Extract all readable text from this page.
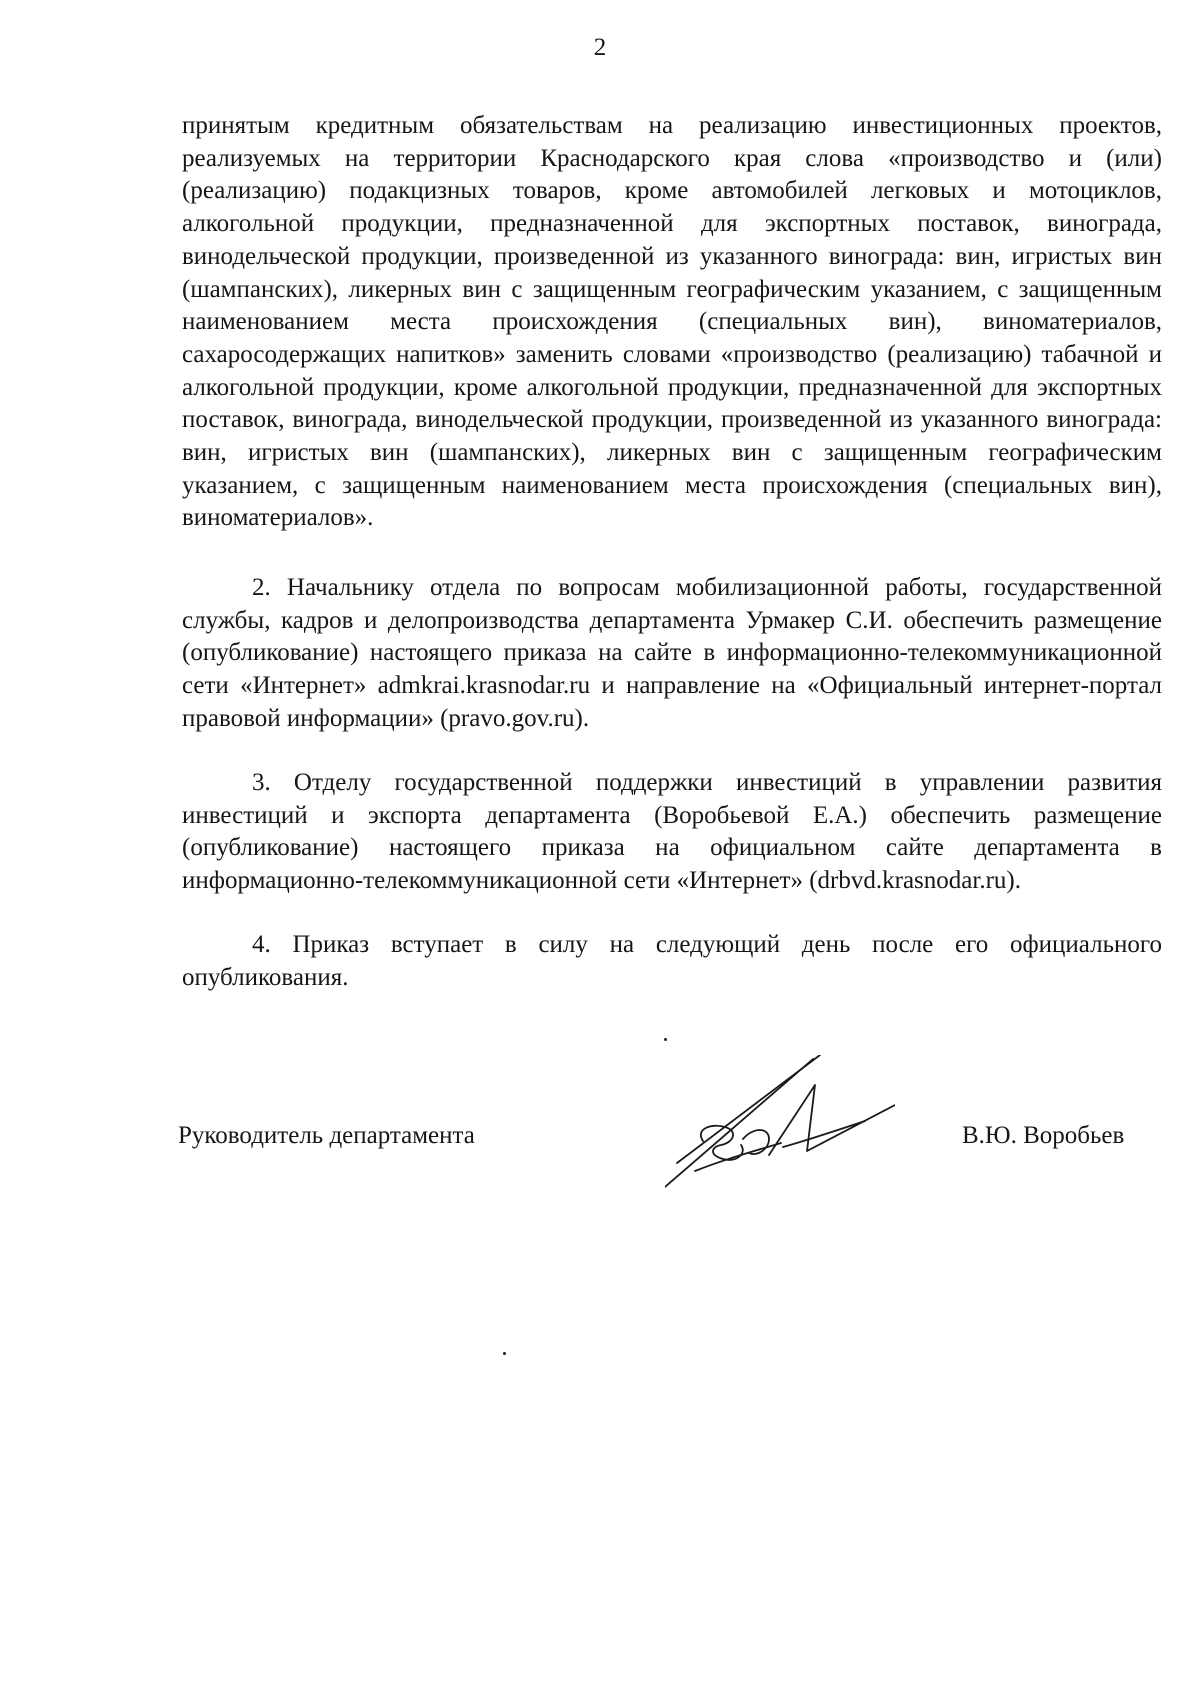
2

принятым кредитным обязательствам на реализацию инвестиционных проектов, реализуемых на территории Краснодарского края слова «производство и (или) (реализацию) подакцизных товаров, кроме автомобилей легковых и мотоциклов, алкогольной продукции, предназначенной для экспортных поставок, винограда, винодельческой продукции, произведенной из указанного винограда: вин, игристых вин (шампанских), ликерных вин с защищенным географическим указанием, с защищенным наименованием места происхождения (специальных вин), виноматериалов, сахаросодержащих напитков» заменить словами «производство (реализацию) табачной и алкогольной продукции, кроме алкогольной продукции, предназначенной для экспортных поставок, винограда, винодельческой продукции, произведенной из указанного винограда: вин, игристых вин (шампанских), ликерных вин с защищенным географическим указанием, с защищенным наименованием места происхождения (специальных вин), виноматериалов».

2. Начальнику отдела по вопросам мобилизационной работы, государственной службы, кадров и делопроизводства департамента Урмакер С.И. обеспечить размещение (опубликование) настоящего приказа на сайте в информационно-телекоммуникационной сети «Интернет» admkrai.krasnodar.ru и направление на «Официальный интернет-портал правовой информации» (pravo.gov.ru).

3. Отделу государственной поддержки инвестиций в управлении развития инвестиций и экспорта департамента (Воробьевой Е.А.) обеспечить размещение (опубликование) настоящего приказа на официальном сайте департамента в информационно-телекоммуникационной сети «Интернет» (drbvd.krasnodar.ru).

4. Приказ вступает в силу на следующий день после его официального опубликования.

Руководитель департамента	В.Ю. Воробьев
